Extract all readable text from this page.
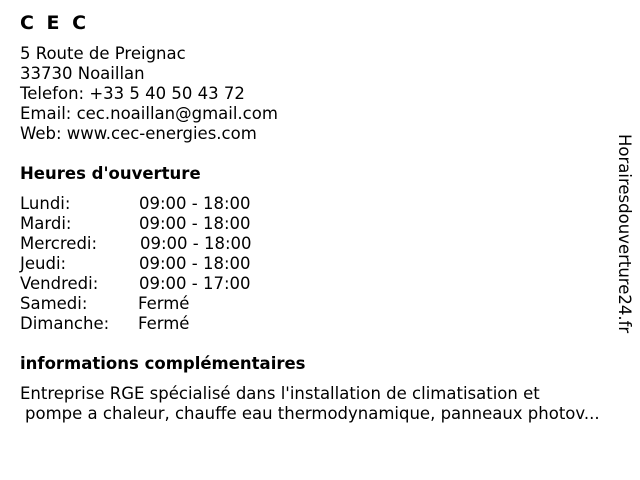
C E C
5 Route de Preignac
33730 Noaillan
Telefon: +33 5 40 50 43 72
Email: cec.noaillan@gmail.com
Web: www.cec-energies.com
Heures d'ouverture
Lundi:	09:00 - 18:00
Mardi:	09:00 - 18:00
Mercredi:	09:00 - 18:00
Jeudi:	09:00 - 18:00
Vendredi: 09:00 - 17:00
Samedi:	Fermé
Dimanche: Fermé
informations complémentaires
Entreprise RGE spécialisé dans l'installation de climatisation et
pompe a chaleur, chauffe eau thermodynamique, panneaux photov...
Horairesdouverture24.fr
